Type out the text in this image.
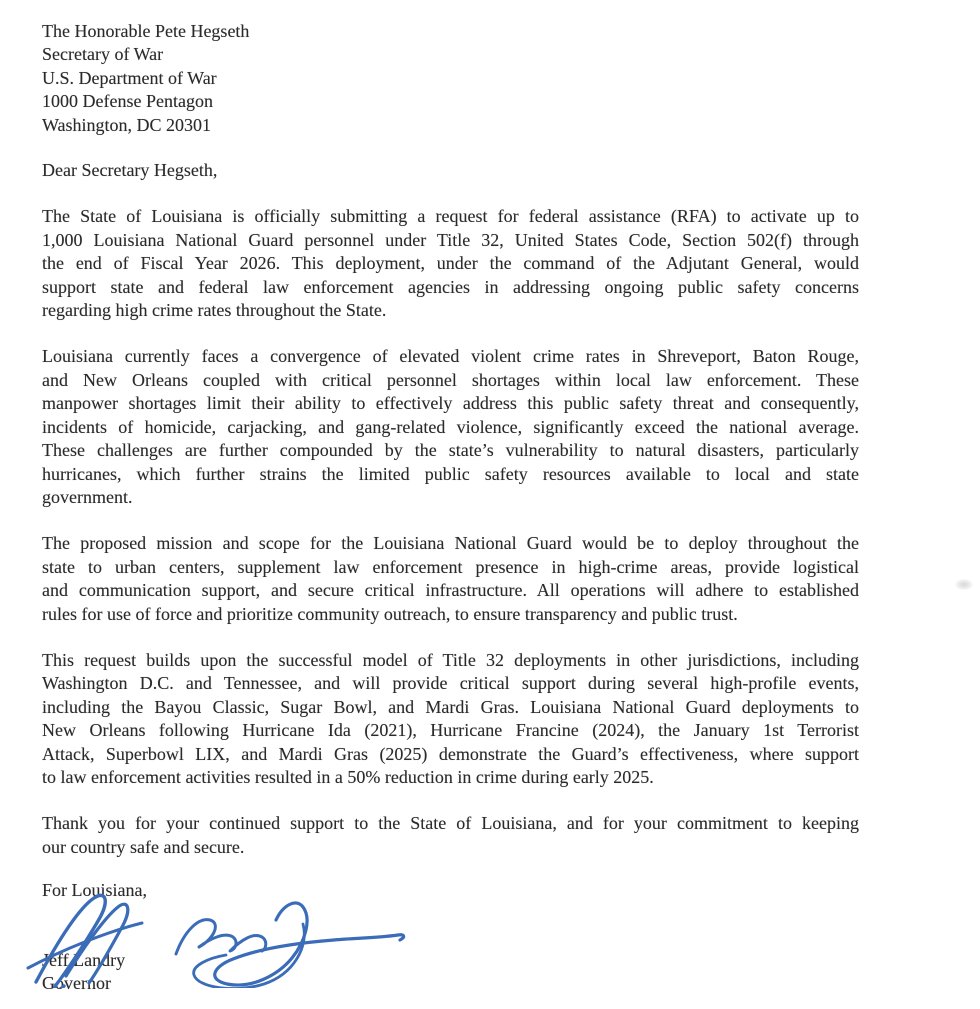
The Honorable Pete Hegseth
Secretary of War
U.S. Department of War
1000 Defense Pentagon
Washington, DC 20301
Dear Secretary Hegseth,
The State of Louisiana is officially submitting a request for federal assistance (RFA) to activate up to
1,000 Louisiana National Guard personnel under Title 32, United States Code, Section 502(f) through
the end of Fiscal Year 2026. This deployment, under the command of the Adjutant General, would
support state and federal law enforcement agencies in addressing ongoing public safety concerns
regarding high crime rates throughout the State.
Louisiana currently faces a convergence of elevated violent crime rates in Shreveport, Baton Rouge,
and New Orleans coupled with critical personnel shortages within local law enforcement. These
manpower shortages limit their ability to effectively address this public safety threat and consequently,
incidents of homicide, carjacking, and gang-related violence, significantly exceed the national average.
These challenges are further compounded by the state’s vulnerability to natural disasters, particularly
hurricanes, which further strains the limited public safety resources available to local and state
government.
The proposed mission and scope for the Louisiana National Guard would be to deploy throughout the
state to urban centers, supplement law enforcement presence in high-crime areas, provide logistical
and communication support, and secure critical infrastructure. All operations will adhere to established
rules for use of force and prioritize community outreach, to ensure transparency and public trust.
This request builds upon the successful model of Title 32 deployments in other jurisdictions, including
Washington D.C. and Tennessee, and will provide critical support during several high-profile events,
including the Bayou Classic, Sugar Bowl, and Mardi Gras. Louisiana National Guard deployments to
New Orleans following Hurricane Ida (2021), Hurricane Francine (2024), the January 1st Terrorist
Attack, Superbowl LIX, and Mardi Gras (2025) demonstrate the Guard’s effectiveness, where support
to law enforcement activities resulted in a 50% reduction in crime during early 2025.
Thank you for your continued support to the State of Louisiana, and for your commitment to keeping
our country safe and secure.
For Louisiana,
Jeff Landry
Governor
